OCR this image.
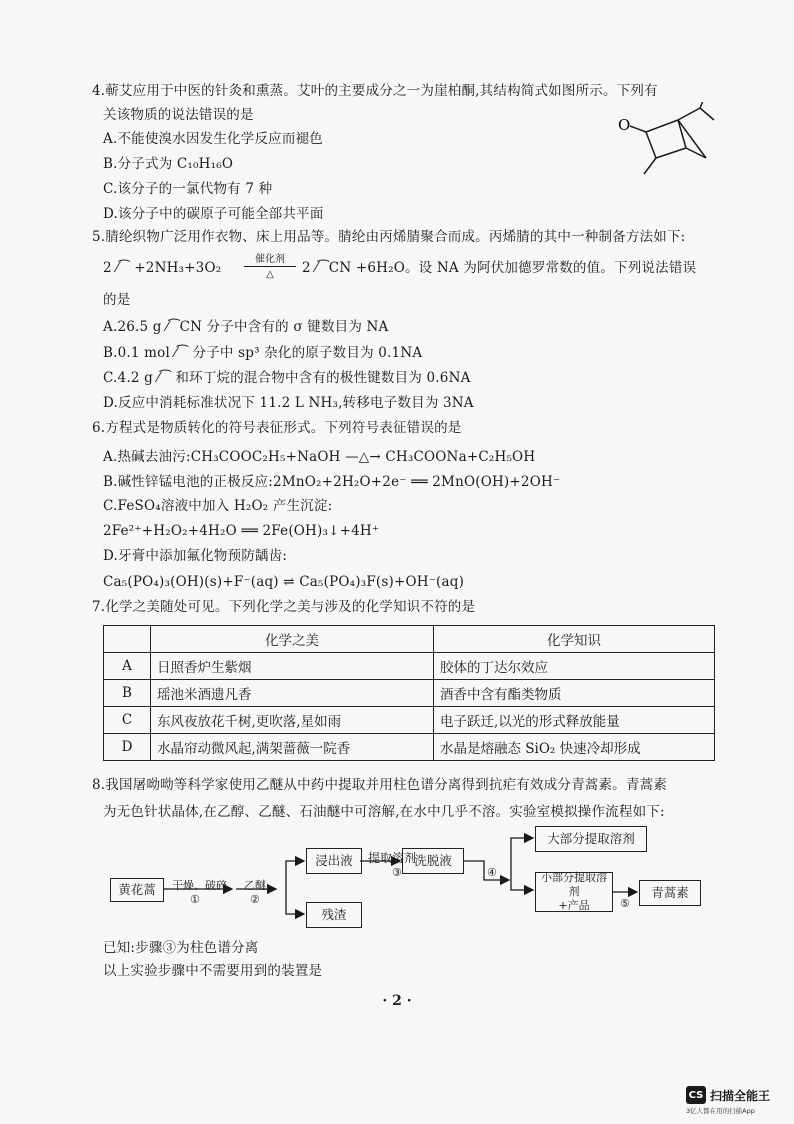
4.蕲艾应用于中医的针灸和熏蒸。艾叶的主要成分之一为崖柏酮,其结构简式如图所示。下列有
关该物质的说法错误的是
A.不能使溴水因发生化学反应而褪色
B.分子式为 C₁₀H₁₆O
C.该分子的一氯代物有 7 种
D.该分子中的碳原子可能全部共平面
O
5.腈纶织物广泛用作衣物、床上用品等。腈纶由丙烯腈聚合而成。丙烯腈的其中一种制备方法如下:
2 ⁄⁀ +2NH₃+3O₂
催化剂
△	2 ⁄⁀CN +6H₂O。设 NA 为阿伏加德罗常数的值。下列说法错误
的是
A.26.5 g ⁄⁀CN 分子中含有的 σ 键数目为 NA
B.0.1 mol ⁄⁀ 分子中 sp³ 杂化的原子数目为 0.1NA
C.4.2 g ⁄⁀ 和环丁烷的混合物中含有的极性键数目为 0.6NA
D.反应中消耗标准状况下 11.2 L NH₃,转移电子数目为 3NA
6.方程式是物质转化的符号表征形式。下列符号表征错误的是
A.热碱去油污:CH₃COOC₂H₅+NaOH —△→ CH₃COONa+C₂H₅OH
B.碱性锌锰电池的正极反应:2MnO₂+2H₂O+2e⁻ ══ 2MnO(OH)+2OH⁻
C.FeSO₄溶液中加入 H₂O₂ 产生沉淀:
2Fe²⁺+H₂O₂+4H₂O ══ 2Fe(OH)₃↓+4H⁺
D.牙膏中添加氟化物预防龋齿:
Ca₅(PO₄)₃(OH)(s)+F⁻(aq) ⇌ Ca₅(PO₄)₃F(s)+OH⁻(aq)
7.化学之美随处可见。下列化学之美与涉及的化学知识不符的是
	化学之美	化学知识
A	日照香炉生紫烟	胶体的丁达尔效应
B	瑶池米酒遗凡香	酒香中含有酯类物质
C	东风夜放花千树,更吹落,星如雨	电子跃迁,以光的形式释放能量
D	水晶帘动微风起,满架蔷薇一院香	水晶是熔融态 SiO₂ 快速冷却形成
8.我国屠呦呦等科学家使用乙醚从中药中提取并用柱色谱分离得到抗疟有效成分青蒿素。青蒿素
为无色针状晶体,在乙醇、乙醚、石油醚中可溶解,在水中几乎不溶。实验室模拟操作流程如下:
黄花蒿	干燥、破碎
①
乙醚
②
浸出液
残渣
提取溶剂
③
洗脱液
④
大部分提取溶剂
小部分提取溶剂
+产品	⑤
青蒿素
已知:步骤③为柱色谱分离
以上实验步骤中不需要用到的装置是
· 2 ·
CS 扫描全能王
3亿人都在用的扫描App
